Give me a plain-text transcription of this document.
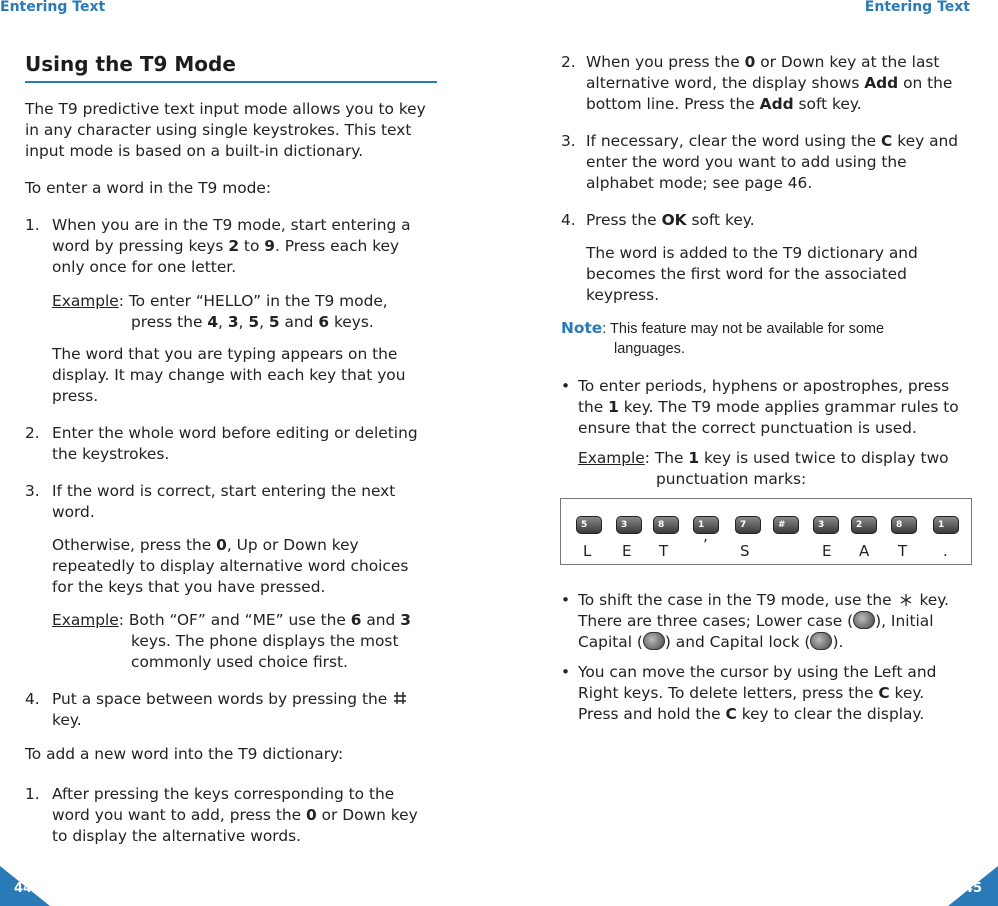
Entering Text
Using the T9 Mode
The T9 predictive text input mode allows you to key in any character using single keystrokes. This text input mode is based on a built-in dictionary.
To enter a word in the T9 mode:
1. When you are in the T9 mode, start entering a
word by pressing keys 2 to 9. Press each key
only once for one letter.
Example: To enter “HELLO” in the T9 mode,
press the 4, 3, 5, 5 and 6 keys.
The word that you are typing appears on the
display. It may change with each key that you
press.
2. Enter the whole word before editing or deleting
the keystrokes.
3. If the word is correct, start entering the next
word.
Otherwise, press the 0, Up or Down key
repeatedly to display alternative word choices
for the keys that you have pressed.
Example: Both “OF” and “ME” use the 6 and 3
keys. The phone displays the most
commonly used choice first.
4. Put a space between words by pressing the
key.
To add a new word into the T9 dictionary:
1. After pressing the keys corresponding to the
word you want to add, press the 0 or Down key
to display the alternative words.
44
Entering Text
2. When you press the 0 or Down key at the last
alternative word, the display shows Add on the
bottom line. Press the Add soft key.
3. If necessary, clear the word using the C key and
enter the word you want to add using the
alphabet mode; see page 46.
4. Press the OK soft key.
The word is added to the T9 dictionary and
becomes the first word for the associated
keypress.
Note: This feature may not be available for some
languages.
• To enter periods, hyphens or apostrophes, press
the 1 key. The T9 mode applies grammar rules to
ensure that the correct punctuation is used.
Example: The 1 key is used twice to display two
punctuation marks:
5	3	8	1	7	#	3	2	8	1
L E T ’ S	E A T .
• To shift the case in the T9 mode, use the key.
There are three cases; Lower case ( ), Initial
Capital ( ) and Capital lock ( ).
• You can move the cursor by using the Left and
Right keys. To delete letters, press the C key.
Press and hold the C key to clear the display.
45
